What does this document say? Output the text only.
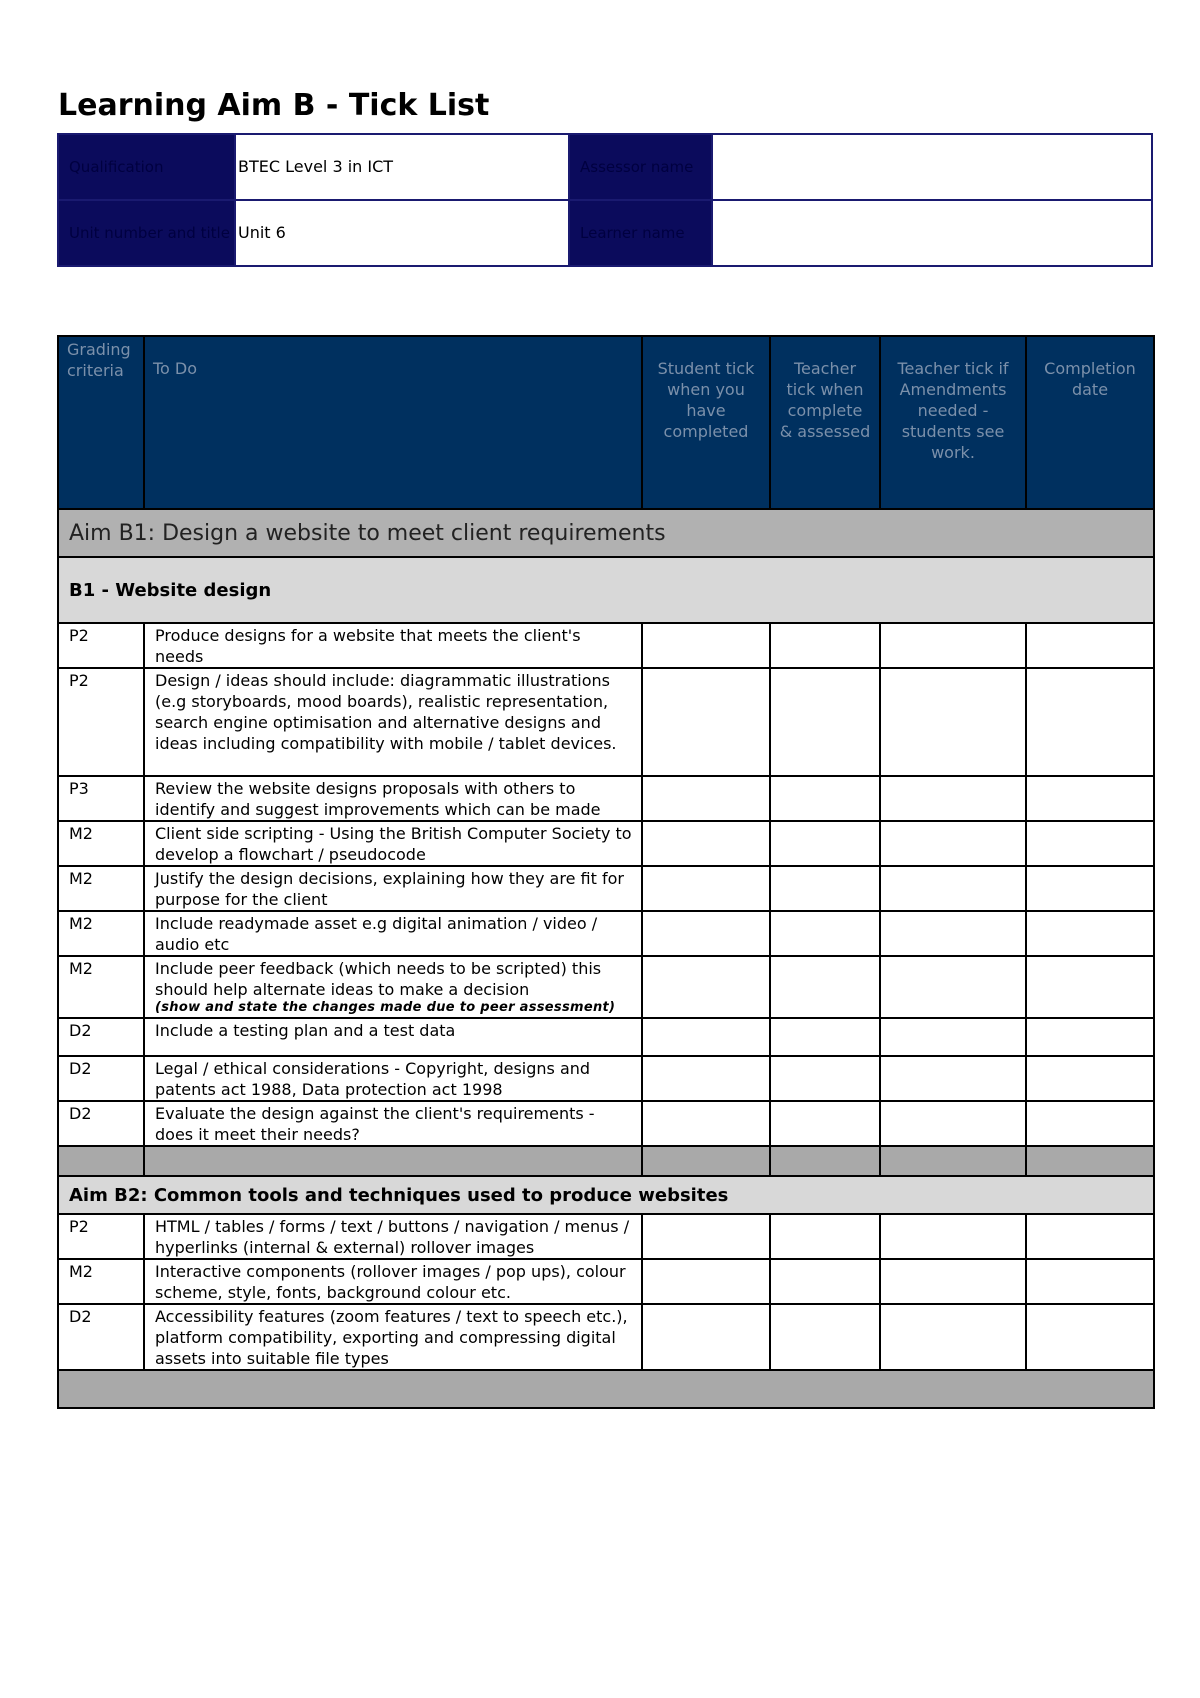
Learning Aim B - Tick List
Qualification	BTEC Level 3 in ICT	Assessor name	
Unit number and title	Unit 6	Learner name	
Grading criteria	To Do	Student tick when you have completed	Teacher tick when complete & assessed	Teacher tick if Amendments needed - students see work.	Completion date
Aim B1: Design a website to meet client requirements					
B1 - Website design					
P2	Produce designs for a website that meets the client's needs				
P2	Design / ideas should include: diagrammatic illustrations (e.g storyboards, mood boards), realistic representation, search engine optimisation and alternative designs and ideas including compatibility with mobile / tablet devices.				
P3	Review the website designs proposals with others to identify and suggest improvements which can be made				
M2	Client side scripting - Using the British Computer Society to develop a flowchart / pseudocode				
M2	Justify the design decisions, explaining how they are fit for purpose for the client				
M2	Include readymade asset e.g digital animation / video / audio etc				
M2	Include peer feedback (which needs to be scripted) this should help alternate ideas to make a decision
(show and state the changes made due to peer assessment)				

D2	Include a testing plan and a test data				
D2	Legal / ethical considerations - Copyright, designs and patents act 1988, Data protection act 1998				
D2	Evaluate the design against the client's requirements - does it meet their needs?				

Aim B2: Common tools and techniques used to produce websites					
P2	HTML / tables / forms / text / buttons / navigation / menus / hyperlinks (internal & external) rollover images				
M2	Interactive components (rollover images / pop ups), colour scheme, style, fonts, background colour etc.				
D2	Accessibility features (zoom features / text to speech etc.), platform compatibility, exporting and compressing digital assets into suitable file types				
